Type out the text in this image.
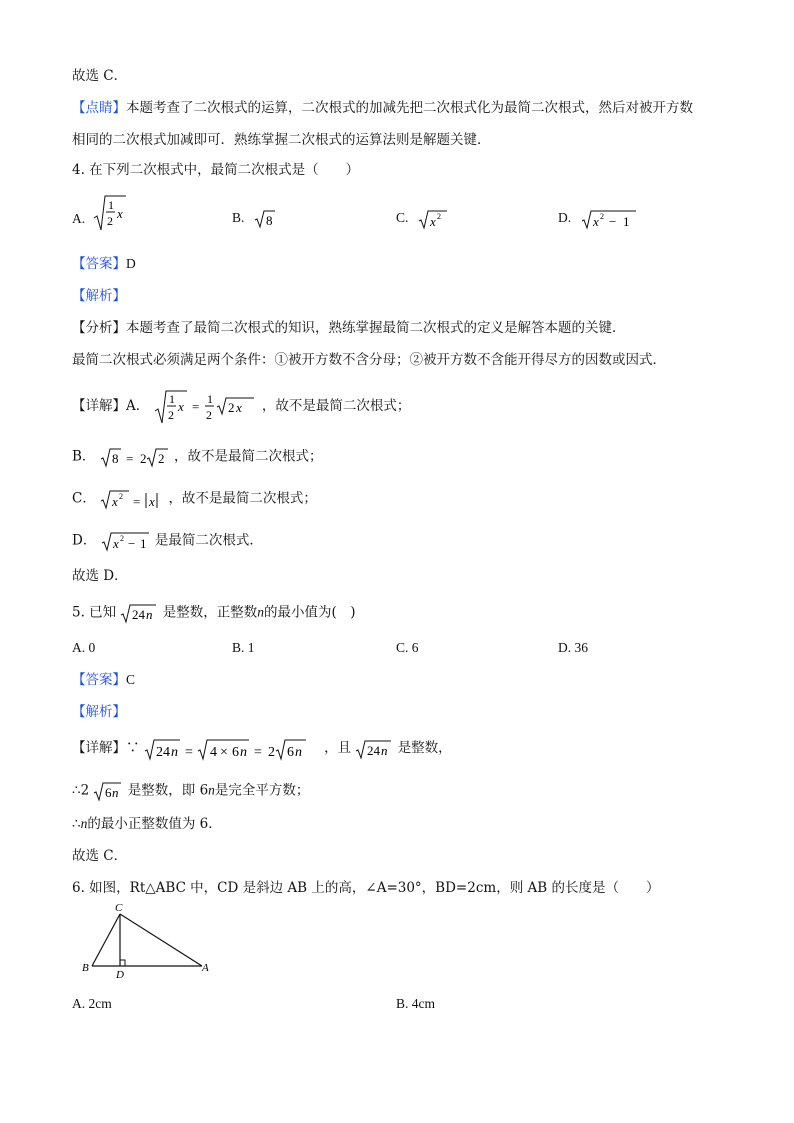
故选 C．
【点睛】本题考查了二次根式的运算，二次根式的加减先把二次根式化为最简二次根式，然后对被开方数
相同的二次根式加减即可．熟练掌握二次根式的运算法则是解题关键．
4. 在下列二次根式中，最简二次根式是（　　）
A.
1
2 x	B. 8	C. x 2	D. x 2 − 1
【答案】D
【解析】
【分析】本题考查了最简二次根式的知识，熟练掌握最简二次根式的定义是解答本题的关键．
最简二次根式必须满足两个条件：①被开方数不含分母；②被开方数不含能开得尽方的因数或因式．
【详解】A． 1
2
x = 1
2 2 x ，故不是最简二次根式；
B． 8 = 2 2 ，故不是最简二次根式；
C． x 2 = x ，故不是最简二次根式；
D． x 2 − 1 是最简二次根式．
故选 D．
5. 已知 24 n 是整数，正整数n的最小值为(　)
A. 0	B. 1	C. 6	D. 36
【答案】C
【解析】
【详解】∵ 24 n = 4 × 6 n = 2 6 n ，且 24 n 是整数，
∴2 6 n 是整数，即 6n是完全平方数；
∴n的最小正整数值为 6．
故选 C．
6. 如图，Rt△ABC 中，CD 是斜边 AB 上的高，∠A=30°，BD=2cm，则 AB 的长度是（　　）
C
B
D
A
A. 2cm	B. 4cm
